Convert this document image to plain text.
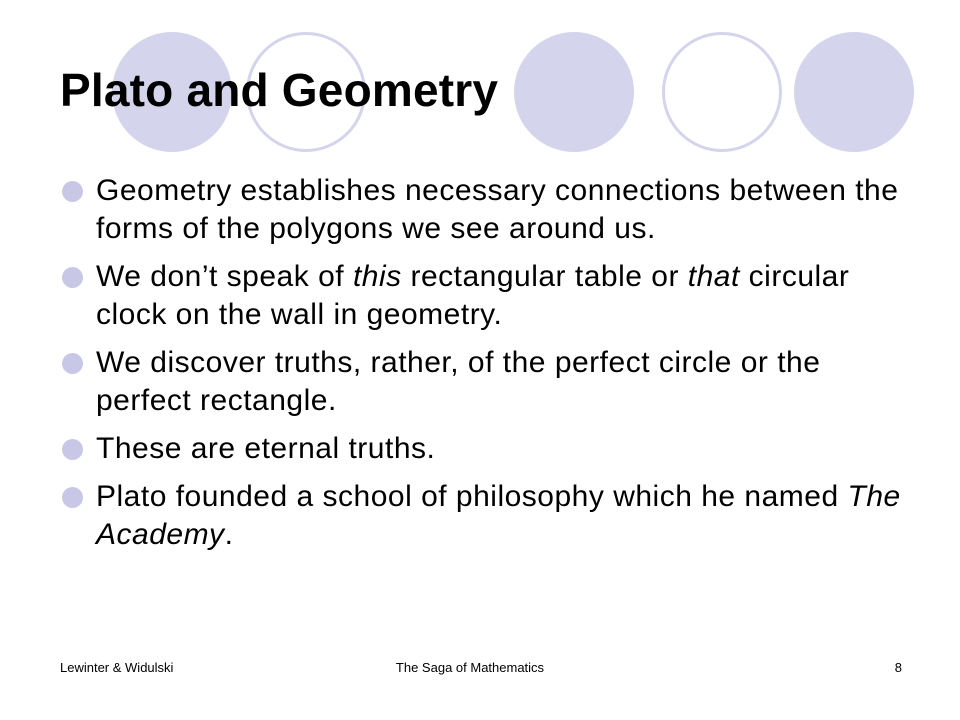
Plato and Geometry
Geometry establishes necessary connections between the forms of the polygons we see around us.
We don’t speak of this rectangular table or that circular clock on the wall in geometry.
We discover truths, rather, of the perfect circle or the perfect rectangle.
These are eternal truths.
Plato founded a school of philosophy which he named The Academy.
Lewinter & Widulski	The Saga of Mathematics	8
